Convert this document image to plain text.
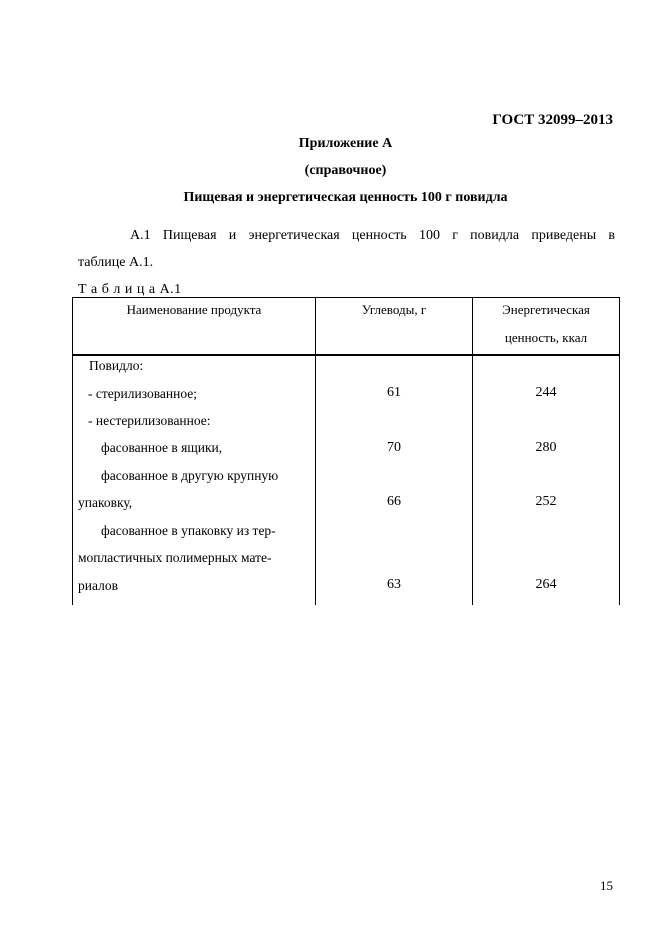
ГОСТ 32099–2013
Приложение А
(справочное)
Пищевая и энергетическая ценность 100 г повидла
А.1 Пищевая и энергетическая ценность 100 г повидла приведены в
таблице А.1.
Т а б л и ц а А.1
Наименование продукта	Углеводы, г	Энергетическая
ценность, ккал
Повидло:
- стерилизованное;
- нестерилизованное:
фасованное в ящики,
фасованное в другую крупную
упаковку,
фасованное в упаковку из тер-
мопластичных полимерных мате-
риалов
61
70
66
63
244
280
252
264
15
